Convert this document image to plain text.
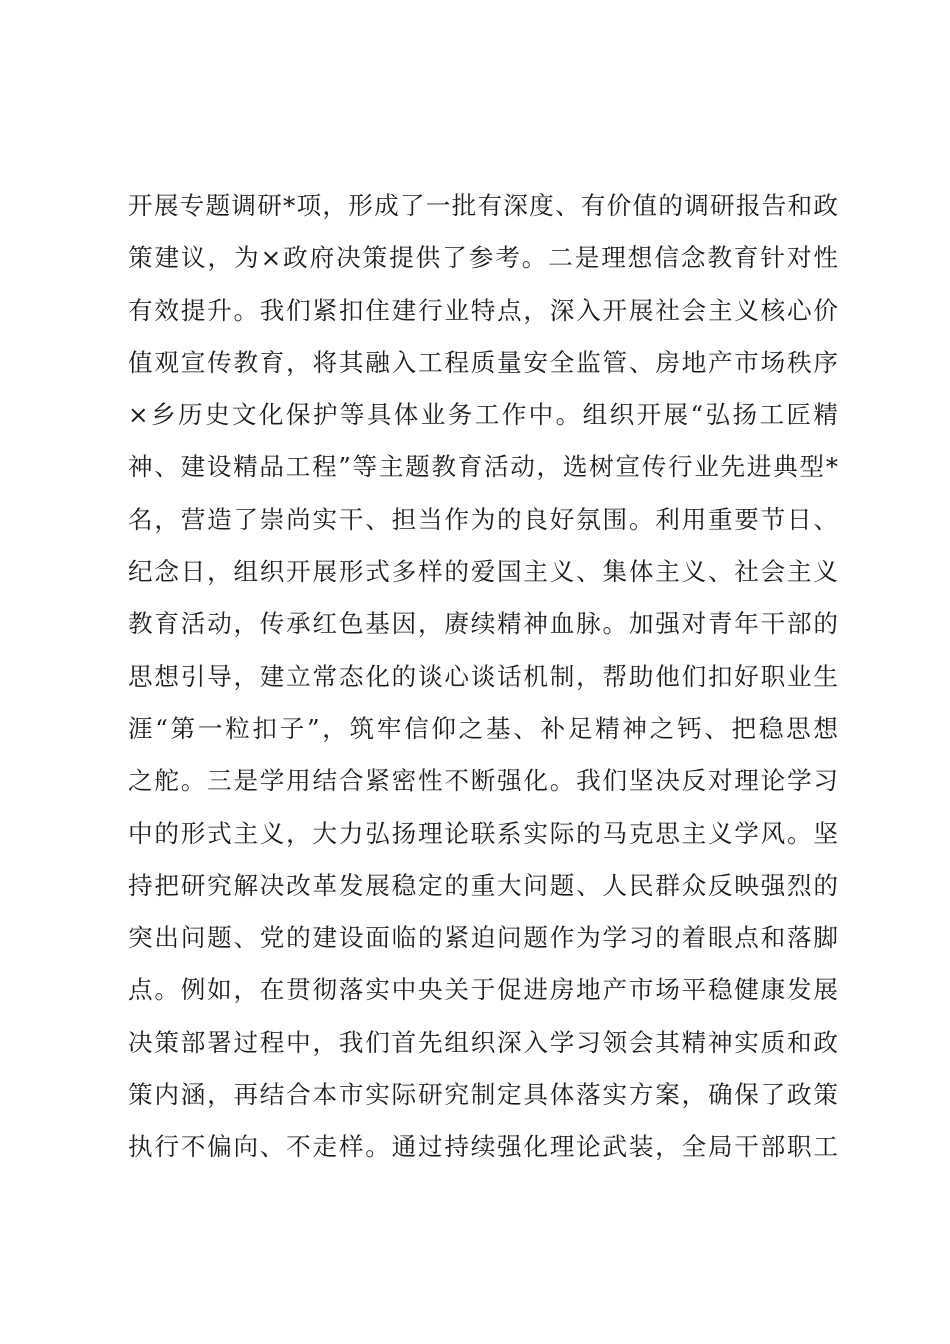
开展专题调研*项，形成了一批有深度、有价值的调研报告和政
策建议，为×政府决策提供了参考。二是理想信念教育针对性
有效提升。我们紧扣住建行业特点，深入开展社会主义核心价
值观宣传教育，将其融入工程质量安全监管、房地产市场秩序
×乡历史文化保护等具体业务工作中。组织开展“弘扬工匠精
神、建设精品工程”等主题教育活动，选树宣传行业先进典型*
名，营造了崇尚实干、担当作为的良好氛围。利用重要节日、
纪念日，组织开展形式多样的爱国主义、集体主义、社会主义
教育活动，传承红色基因，赓续精神血脉。加强对青年干部的
思想引导，建立常态化的谈心谈话机制，帮助他们扣好职业生
涯“第一粒扣子”，筑牢信仰之基、补足精神之钙、把稳思想
之舵。三是学用结合紧密性不断强化。我们坚决反对理论学习
中的形式主义，大力弘扬理论联系实际的马克思主义学风。坚
持把研究解决改革发展稳定的重大问题、人民群众反映强烈的
突出问题、党的建设面临的紧迫问题作为学习的着眼点和落脚
点。例如，在贯彻落实中央关于促进房地产市场平稳健康发展
决策部署过程中，我们首先组织深入学习领会其精神实质和政
策内涵，再结合本市实际研究制定具体落实方案，确保了政策
执行不偏向、不走样。通过持续强化理论武装，全局干部职工
